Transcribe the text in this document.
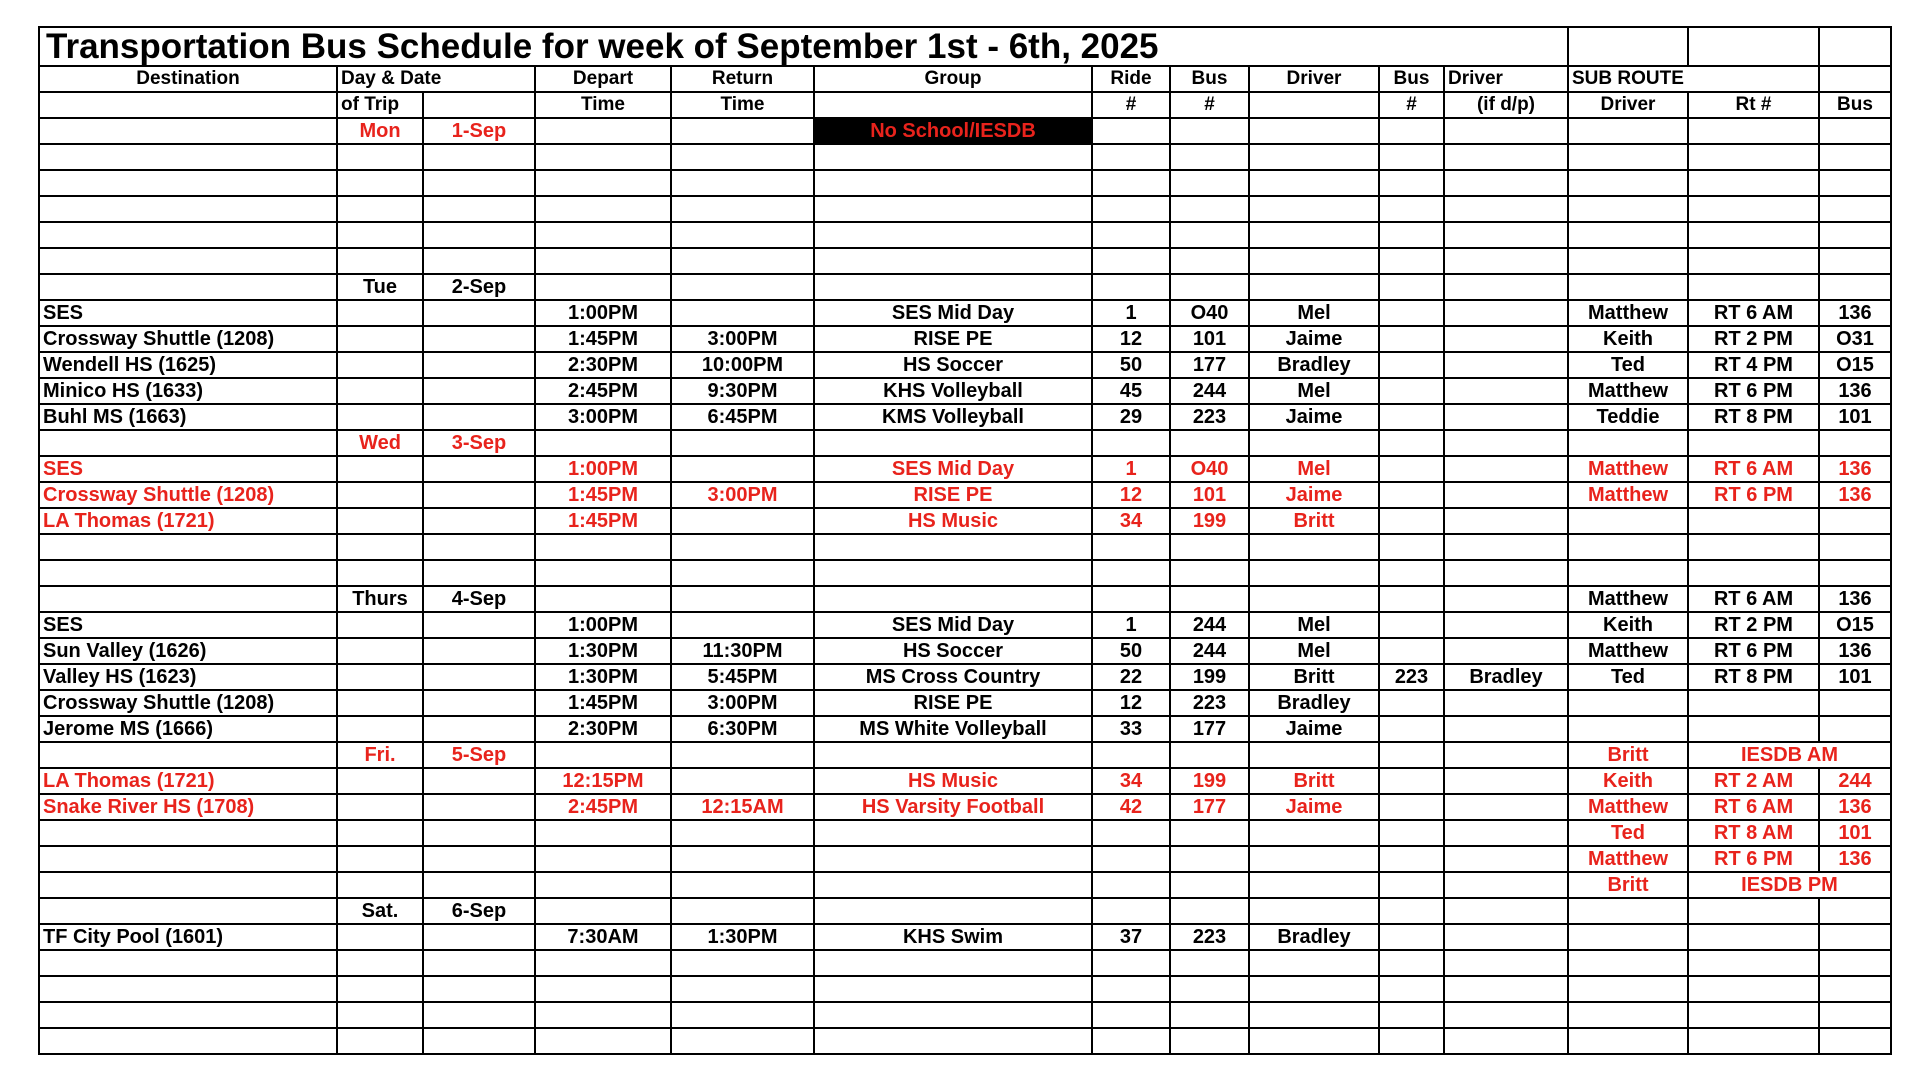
Transportation Bus Schedule for week of September 1st - 6th, 2025													
Destination	Day & Date		Depart	Return	Group	Ride	Bus	Driver	Bus	Driver	SUB ROUTE		
	of Trip		Time	Time		#	#		#	(if d/p)	Driver	Rt #	Bus
	Mon	1-Sep			No School/IESDB								

	Tue	2-Sep											
SES			1:00PM		SES Mid Day	1	O40	Mel			Matthew	RT 6 AM	136
Crossway Shuttle (1208)			1:45PM	3:00PM	RISE PE	12	101	Jaime			Keith	RT 2 PM	O31
Wendell HS (1625)			2:30PM	10:00PM	HS Soccer	50	177	Bradley			Ted	RT 4 PM	O15
Minico HS (1633)			2:45PM	9:30PM	KHS Volleyball	45	244	Mel			Matthew	RT 6 PM	136
Buhl MS (1663)			3:00PM	6:45PM	KMS Volleyball	29	223	Jaime			Teddie	RT 8 PM	101
	Wed	3-Sep											
SES			1:00PM		SES Mid Day	1	O40	Mel			Matthew	RT 6 AM	136
Crossway Shuttle (1208)			1:45PM	3:00PM	RISE PE	12	101	Jaime			Matthew	RT 6 PM	136
LA Thomas (1721)			1:45PM		HS Music	34	199	Britt					

	Thurs	4-Sep									Matthew	RT 6 AM	136
SES			1:00PM		SES Mid Day	1	244	Mel			Keith	RT 2 PM	O15
Sun Valley (1626)			1:30PM	11:30PM	HS Soccer	50	244	Mel			Matthew	RT 6 PM	136
Valley HS (1623)			1:30PM	5:45PM	MS Cross Country	22	199	Britt	223	Bradley	Ted	RT 8 PM	101
Crossway Shuttle (1208)			1:45PM	3:00PM	RISE PE	12	223	Bradley					
Jerome MS (1666)			2:30PM	6:30PM	MS White Volleyball	33	177	Jaime					
	Fri.	5-Sep									Britt	IESDB AM	
LA Thomas (1721)			12:15PM		HS Music	34	199	Britt			Keith	RT 2 AM	244
Snake River HS (1708)			2:45PM	12:15AM	HS Varsity Football	42	177	Jaime			Matthew	RT 6 AM	136
											Ted	RT 8 AM	101
											Matthew	RT 6 PM	136
											Britt	IESDB PM	
	Sat.	6-Sep											
TF City Pool (1601)			7:30AM	1:30PM	KHS Swim	37	223	Bradley					
